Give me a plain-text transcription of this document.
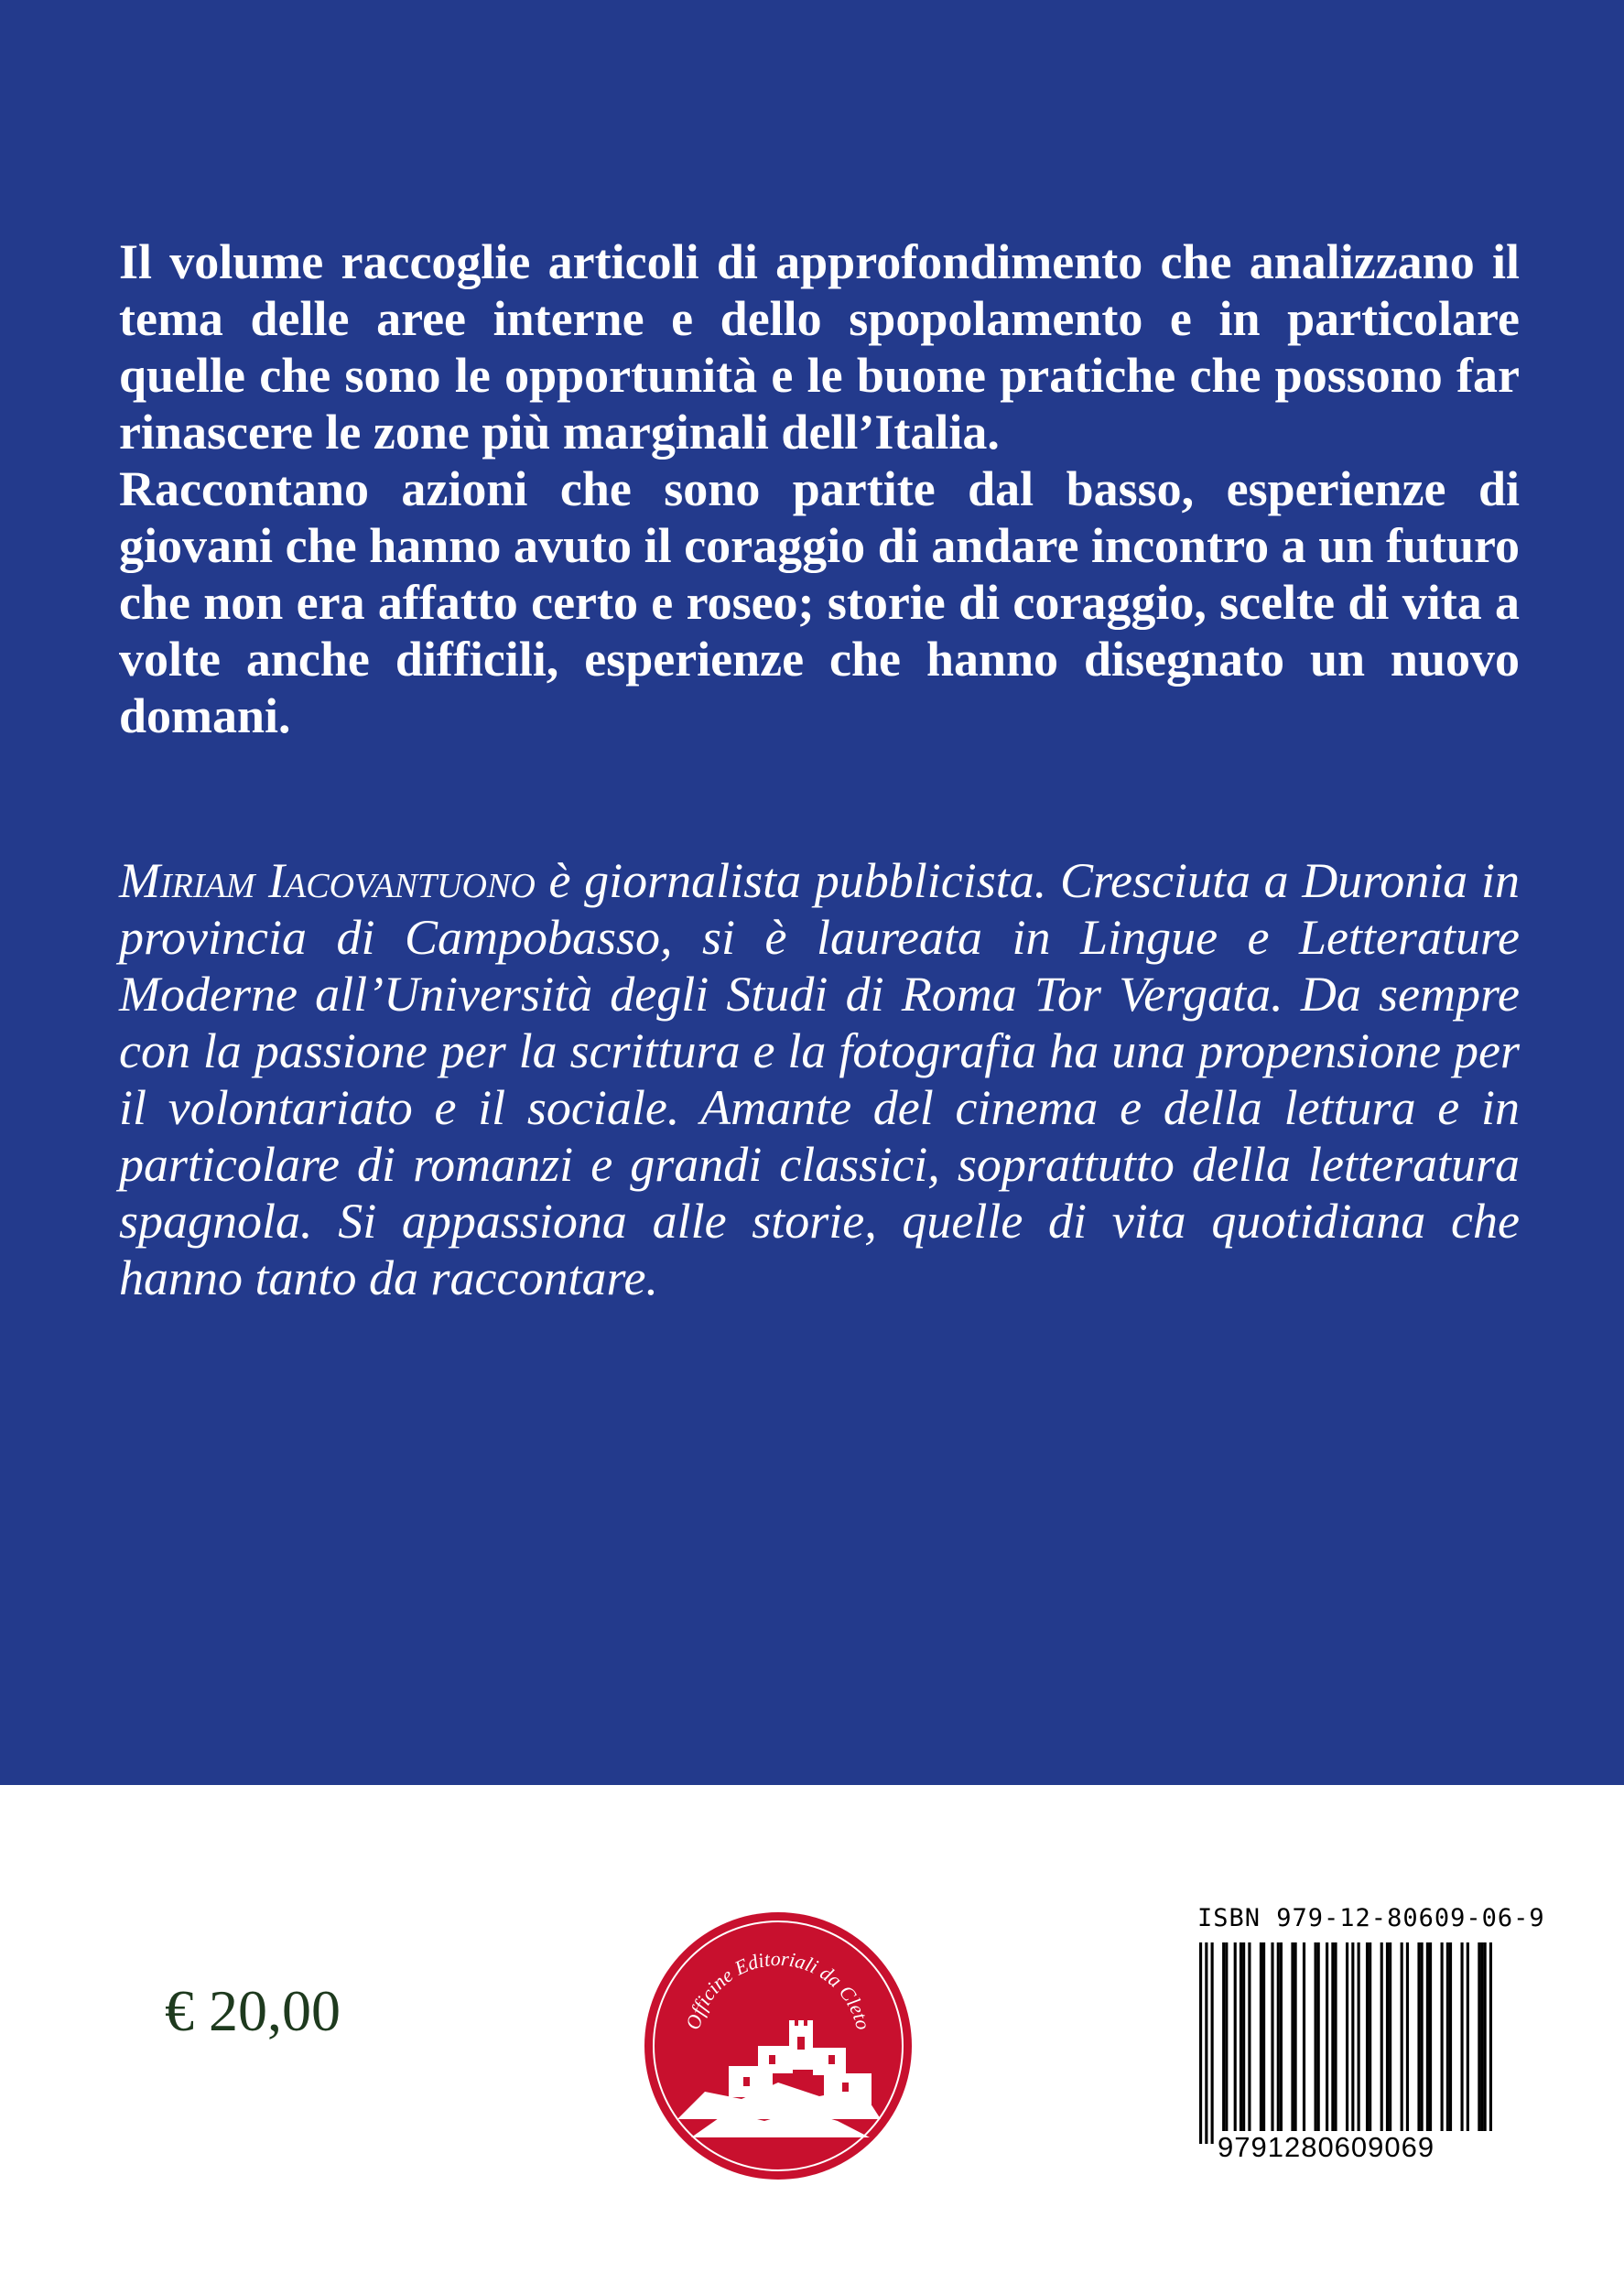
Il volume raccoglie articoli di approfondimento che analizzano il tema delle aree interne e dello spopolamento e in particolare quelle che sono le opportunità e le buone pratiche che possono far rinascere le zone più marginali dell’Italia.
Raccontano azioni che sono partite dal basso, esperienze di giovani che hanno avuto il coraggio di andare incontro a un futuro che non era affatto certo e roseo; storie di coraggio, scelte di vita a volte anche difficili, esperienze che hanno disegnato un nuovo domani.

Miriam Iacovantuono è giornalista pubblicista. Cresciuta a Duronia in provincia di Campobasso, si è laureata in Lingue e Letterature Moderne all’Università degli Studi di Roma Tor Vergata. Da sempre con la passione per la scrittura e la fotografia ha una propensione per il volontariato e il sociale. Amante del cinema e della lettura e in particolare di romanzi e grandi classici, soprattutto della letteratura spagnola. Si appassiona alle storie, quelle di vita quotidiana che hanno tanto da raccontare.

€ 20,00	Officine Editoriali da Cleto
ISBN 979-12-80609-06-9
9791280609069
